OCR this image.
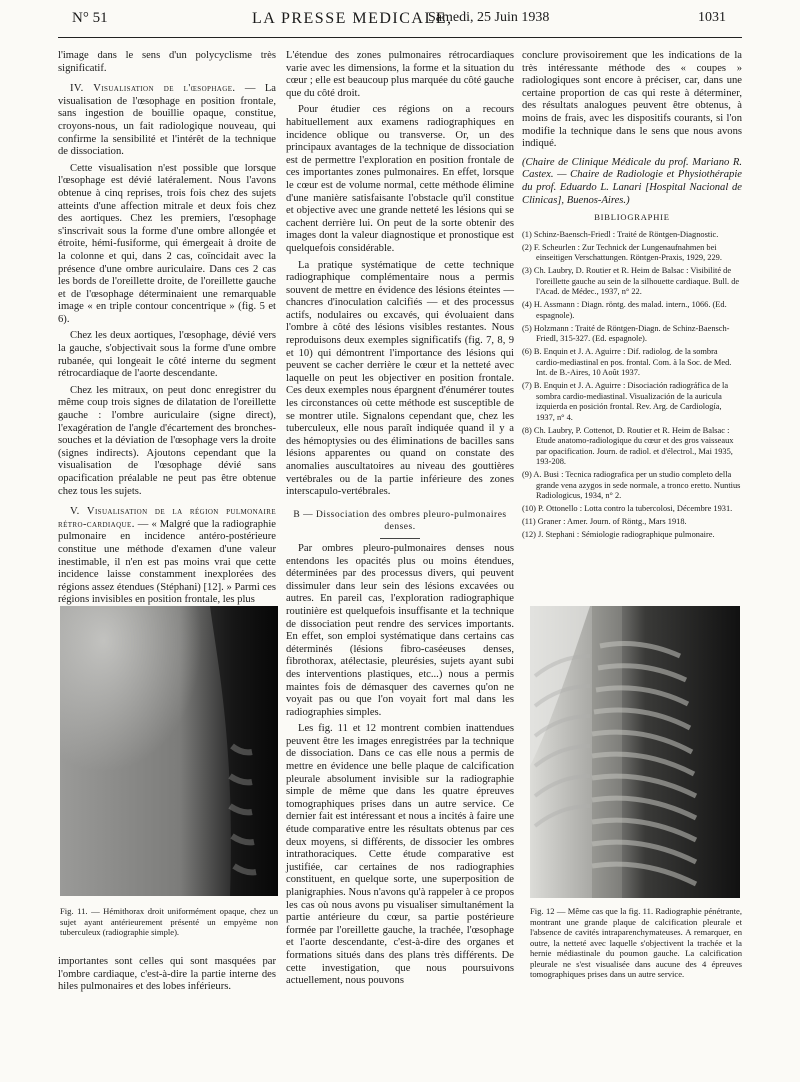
N° 51	LA PRESSE MEDICALE,
Samedi, 25 Juin 1938	1031

l'image dans le sens d'un polycyclisme très significatif.

IV. Visualisation de l'œsophage. — La visualisation de l'œsophage en position frontale, sans ingestion de bouillie opaque, constitue, croyons-nous, un fait radiologique nouveau, qui confirme la sensibilité et l'intérêt de la technique de dissociation.

Cette visualisation n'est possible que lorsque l'œsophage est dévié latéralement. Nous l'avons obtenue à cinq reprises, trois fois chez des sujets atteints d'une affection mitrale et deux fois chez des aortiques. Chez les premiers, l'œsophage s'inscrivait sous la forme d'une ombre allongée et étroite, hémi-fusiforme, qui émergeait à droite de la colonne et qui, dans 2 cas, coïncidait avec la présence d'une ombre auriculaire. Dans ces 2 cas les bords de l'oreillette droite, de l'oreillette gauche et de l'œsophage déterminaient une remarquable image « en triple contour concentrique » (fig. 5 et 6).

Chez les deux aortiques, l'œsophage, dévié vers la gauche, s'objectivait sous la forme d'une ombre rubanée, qui longeait le côté interne du segment rétrocardiaque de l'aorte descendante.

Chez les mitraux, on peut donc enregistrer du même coup trois signes de dilatation de l'oreillette gauche : l'ombre auriculaire (signe direct), l'exagération de l'angle d'écartement des bronches-souches et la déviation de l'œsophage vers la droite (signes indirects). Ajoutons cependant que la visualisation de l'œsophage dévié sans opacification préalable ne peut pas être obtenue chez tous les sujets.

V. Visualisation de la région pulmonaire rétro-cardiaque. — « Malgré que la radiographie pulmonaire en incidence antéro-postérieure constitue une méthode d'examen d'une valeur inestimable, il n'en est pas moins vrai que cette incidence laisse constamment inexplorées des régions assez étendues (Stéphani) [12]. » Parmi ces régions invisibles en position frontale, les plus

Fig. 11. — Hémithorax droit uniformément opaque, chez un sujet ayant antérieurement présenté un empyème non tuberculeux (radiographie simple).

importantes sont celles qui sont masquées par l'ombre cardiaque, c'est-à-dire la partie interne des hiles pulmonaires et des lobes inférieurs.

L'étendue des zones pulmonaires rétrocardiaques varie avec les dimensions, la forme et la situation du cœur ; elle est beaucoup plus marquée du côté gauche que du côté droit.

Pour étudier ces régions on a recours habituellement aux examens radiographiques en incidence oblique ou transverse. Or, un des principaux avantages de la technique de dissociation est de permettre l'exploration en position frontale de ces importantes zones pulmonaires. En effet, lorsque le cœur est de volume normal, cette méthode élimine d'une manière satisfaisante l'obstacle qu'il constitue et objective avec une grande netteté les lésions qui se cachent derrière lui. On peut de la sorte obtenir des images dont la valeur diagnostique et pronostique est quelquefois considérable.

La pratique systématique de cette technique radiographique complémentaire nous a permis souvent de mettre en évidence des lésions éteintes — chancres d'inoculation calcifiés — et des processus actifs, nodulaires ou excavés, qui évoluaient dans l'ombre à côté des lésions visibles restantes. Nous reproduisons deux exemples significatifs (fig. 7, 8, 9 et 10) qui démontrent l'importance des lésions qui peuvent se cacher derrière le cœur et la netteté avec laquelle on peut les objectiver en position frontale. Ces deux exemples nous épargnent d'énumérer toutes les circonstances où cette méthode est susceptible de se montrer utile. Signalons cependant que, chez les tuberculeux, elle nous paraît indiquée quand il y a des hémoptysies ou des éliminations de bacilles sans lésions apparentes ou quand on constate des anomalies auscultatoires au niveau des gouttières vertébrales ou de la partie inférieure des zones interscapulo-vertébrales.

B — Dissociation des ombres pleuro-pulmonaires denses.

Par ombres pleuro-pulmonaires denses nous entendons les opacités plus ou moins étendues, déterminées par des processus divers, qui peuvent dissimuler dans leur sein des lésions excavées ou autres. En pareil cas, l'exploration radiographique routinière est quelquefois insuffisante et la technique de dissociation peut rendre des services importants. En effet, son emploi systématique dans certains cas déterminés (lésions fibro-caséeuses denses, fibrothorax, atélectasie, pleurésies, sujets ayant subi des interventions plastiques, etc...) nous a permis maintes fois de démasquer des cavernes qu'on ne voyait pas ou que l'on voyait fort mal dans les radiographies simples.

Les fig. 11 et 12 montrent combien inattendues peuvent être les images enregistrées par la technique de dissociation. Dans ce cas elle nous a permis de mettre en évidence une belle plaque de calcification pleurale absolument invisible sur la radiographie simple de même que dans les quatre épreuves tomographiques prises dans un autre service. Ce dernier fait est intéressant et nous a incités à faire une étude comparative entre les résultats obtenus par ces deux moyens, si différents, de dissocier les ombres intrathoraciques. Cette étude comparative est justifiée, car certaines de nos radiographies constituent, en quelque sorte, une superposition de planigraphies. Nous n'avons qu'à rappeler à ce propos les cas où nous avons pu visualiser simultanément la partie antérieure du cœur, sa partie postérieure formée par l'oreillette gauche, la trachée, l'œsophage et l'aorte descendante, c'est-à-dire des organes et formations situés dans des plans très différents. De cette investigation, que nous poursuivons actuellement, nous pouvons

conclure provisoirement que les indications de la très intéressante méthode des « coupes » radiologiques sont encore à préciser, car, dans une certaine proportion de cas qui reste à déterminer, des résultats analogues peuvent être obtenus, à moins de frais, avec les dispositifs courants, si l'on modifie la technique dans le sens que nous avons indiqué.

(Chaire de Clinique Médicale du prof. Mariano R. Castex. — Chaire de Radiologie et Physiothérapie du prof. Eduardo L. Lanari [Hospital Nacional de Clinicas], Buenos-Aires.)

BIBLIOGRAPHIE

(1) Schinz-Baensch-Friedl : Traité de Röntgen-Diagnostic.

(2) F. Scheurlen : Zur Technick der Lungenaufnahmen bei einseitigen Verschattungen. Röntgen-Praxis, 1929, 229.

(3) Ch. Laubry, D. Routier et R. Heim de Balsac : Visibilité de l'oreillette gauche au sein de la silhouette cardiaque. Bull. de l'Acad. de Médec., 1937, n° 22.

(4) H. Assmann : Diagn. röntg. des malad. intern., 1066. (Ed. espagnole).

(5) Holzmann : Traité de Röntgen-Diagn. de Schinz-Baensch-Friedl, 315-327. (Ed. espagnole).

(6) B. Enquin et J. A. Aguirre : Dif. radiolog. de la sombra cardio-mediastinal en pos. frontal. Com. à la Soc. de Med. Int. de B.-Aires, 10 Août 1937.

(7) B. Enquin et J. A. Aguirre : Disociación radiográfica de la sombra cardio-mediastinal. Visualización de la auricula izquierda en posición frontal. Rev. Arg. de Cardiología, 1937, n° 4.

(8) Ch. Laubry, P. Cottenot, D. Routier et R. Heim de Balsac : Etude anatomo-radiologique du cœur et des gros vaisseaux par opacification. Journ. de radiol. et d'électrol., Mai 1935, 193-208.

(9) A. Busi : Tecnica radiografica per un studio completo della grande vena azygos in sede normale, a tronco eretto. Nuntius Radiologicus, 1934, n° 2.

(10) P. Ottonello : Lotta contro la tubercolosi, Décembre 1931.

(11) Graner : Amer. Journ. of Röntg., Mars 1918.

(12) J. Stephani : Sémiologie radiographique pulmonaire.

Fig. 12 — Même cas que la fig. 11. Radiographie pénétrante, montrant une grande plaque de calcification pleurale et l'absence de cavités intraparenchymateuses. A remarquer, en outre, la netteté avec laquelle s'objectivent la trachée et la hernie médiastinale du poumon gauche. La calcification pleurale ne s'est visualisée dans aucune des 4 épreuves tomographiques prises dans un autre service.
